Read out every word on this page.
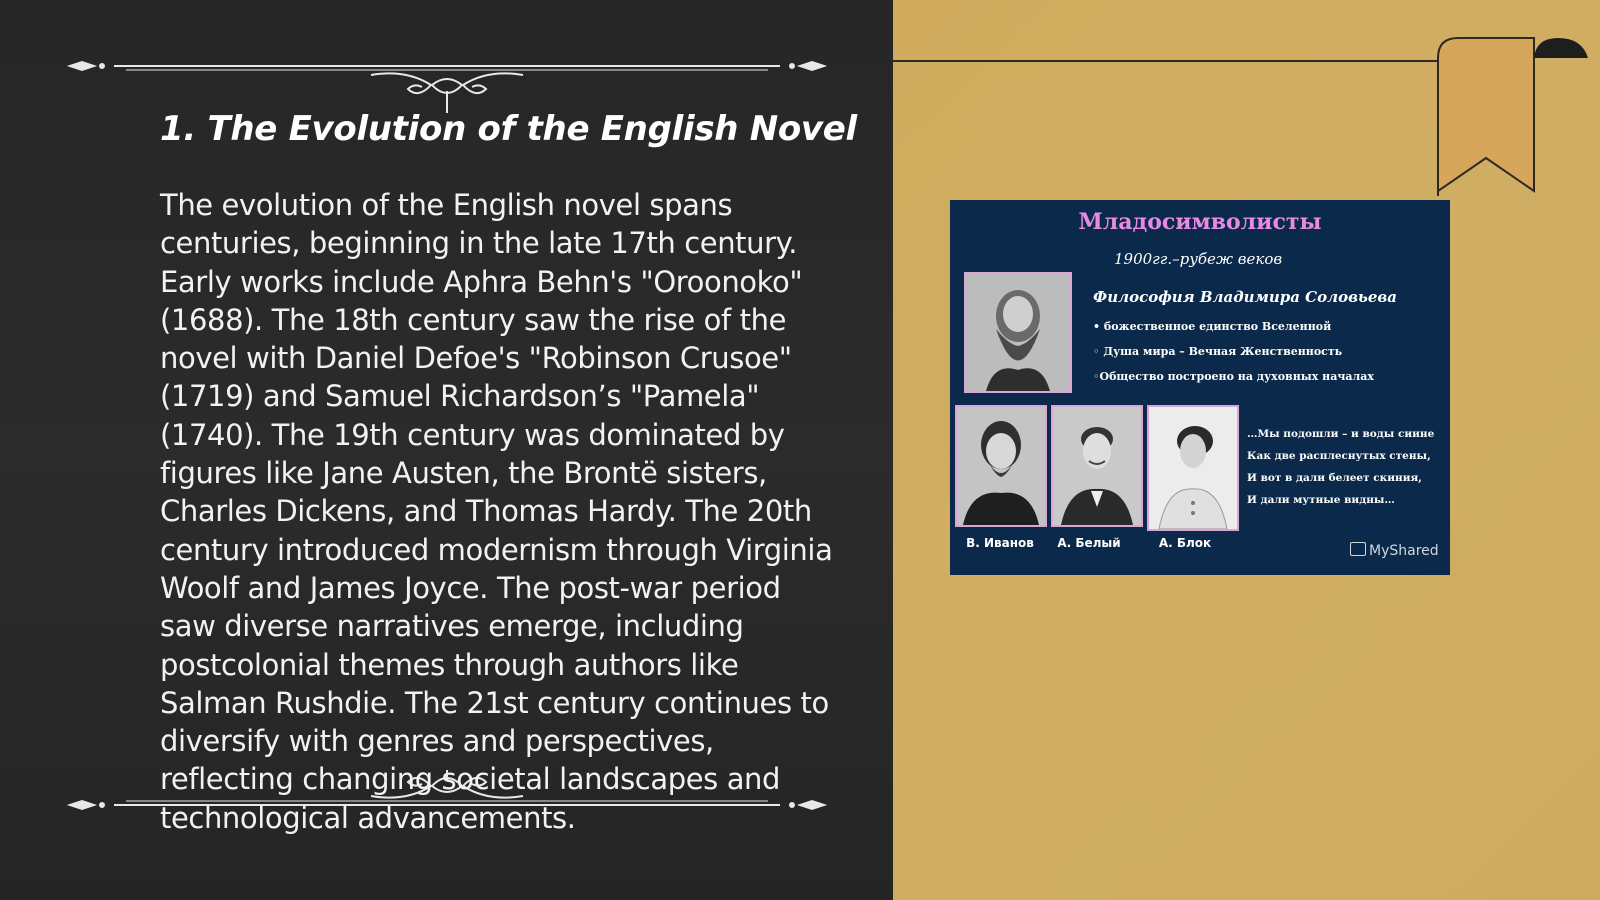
1. The Evolution of the English Novel

The evolution of the English novel spans centuries, beginning in the late 17th century. Early works include Aphra Behn's "Oroonoko" (1688). The 18th century saw the rise of the novel with Daniel Defoe's "Robinson Crusoe" (1719) and Samuel Richardson’s "Pamela" (1740). The 19th century was dominated by figures like Jane Austen, the Brontë sisters, Charles Dickens, and Thomas Hardy. The 20th century introduced modernism through Virginia Woolf and James Joyce. The post-war period saw diverse narratives emerge, including postcolonial themes through authors like Salman Rushdie. The 21st century continues to diversify with genres and perspectives, reflecting changing societal landscapes and technological advancements.

Младосимволисты
1900гг.–рубеж веков
Философия Владимира Соловьева
• божественное единство Вселенной
◦ Душа мира – Вечная Женственность
◦Общество построено на духовных началах
…Мы подошли – и воды сиине
Как две расплеснутых стены,
И вот в дали белеет скиния,
И дали мутные видны…
В. Иванов	А. Белый	А. Блок	MyShared
